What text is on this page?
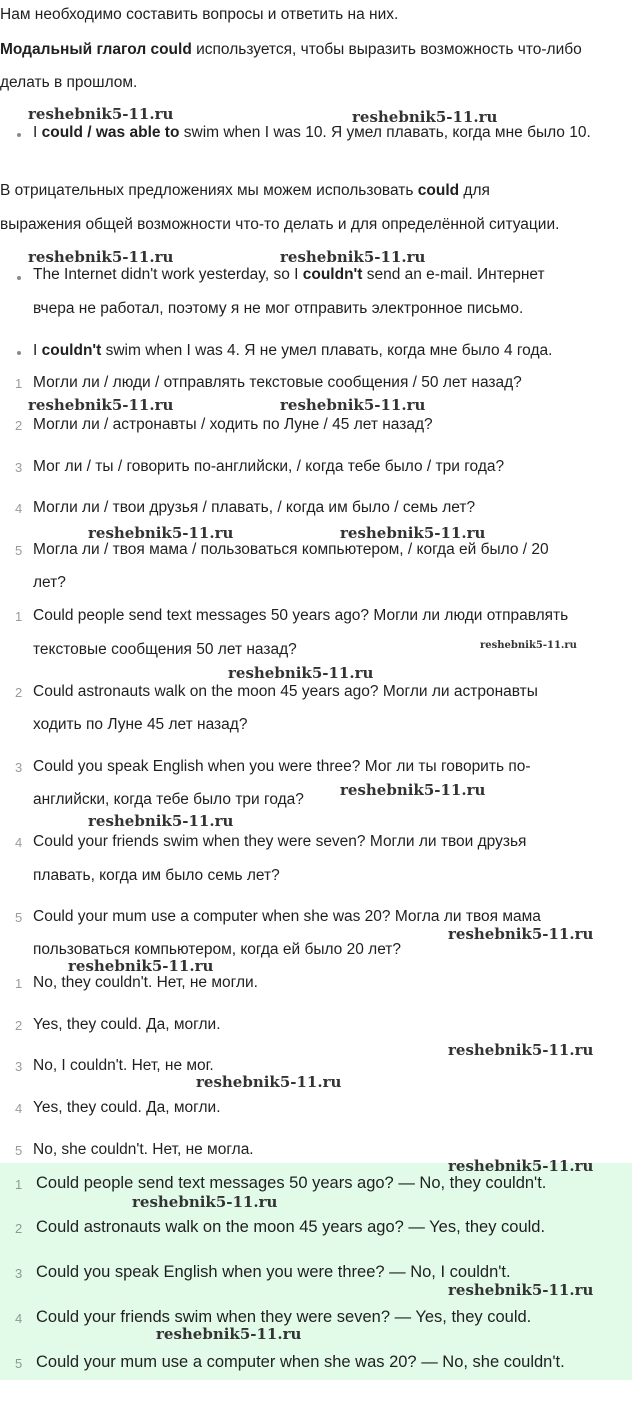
Нам необходимо составить вопросы и ответить на них.
Модальный глагол could используется, чтобы выразить возможность что-либо
делать в прошлом.
I could / was able to swim when I was 10. Я умел плавать, когда мне было 10.
В отрицательных предложениях мы можем использовать could для
выражения общей возможности что-то делать и для определённой ситуации.
The Internet didn't work yesterday, so I couldn't send an e-mail. Интернет
вчера не работал, поэтому я не мог отправить электронное письмо.
I couldn't swim when I was 4. Я не умел плавать, когда мне было 4 года.
1 Могли ли / люди / отправлять текстовые сообщения / 50 лет назад?
2 Могли ли / астронавты / ходить по Луне / 45 лет назад?
3 Мог ли / ты / говорить по-английски, / когда тебе было / три года?
4 Могли ли / твои друзья / плавать, / когда им было / семь лет?
5 Могла ли / твоя мама / пользоваться компьютером, / когда ей было / 20
лет?
1 Could people send text messages 50 years ago? Могли ли люди отправлять
текстовые сообщения 50 лет назад?
2 Could astronauts walk on the moon 45 years ago? Могли ли астронавты
ходить по Луне 45 лет назад?
3 Could you speak English when you were three? Мог ли ты говорить по-
английски, когда тебе было три года?
4 Could your friends swim when they were seven? Могли ли твои друзья
плавать, когда им было семь лет?
5 Could your mum use a computer when she was 20? Могла ли твоя мама
пользоваться компьютером, когда ей было 20 лет?
1 No, they couldn't. Нет, не могли.
2 Yes, they could. Да, могли.
3 No, I couldn't. Нет, не мог.
4 Yes, they could. Да, могли.
5 No, she couldn't. Нет, не могла.
1 Could people send text messages 50 years ago? — No, they couldn't.
2 Could astronauts walk on the moon 45 years ago? — Yes, they could.
3 Could you speak English when you were three? — No, I couldn't.
4 Could your friends swim when they were seven? — Yes, they could.
5 Could your mum use a computer when she was 20? — No, she couldn't.
reshebnik5-11.ru	reshebnik5-11.ru
reshebnik5-11.ru	reshebnik5-11.ru
reshebnik5-11.ru	reshebnik5-11.ru
reshebnik5-11.ru	reshebnik5-11.ru
reshebnik5-11.ru
reshebnik5-11.ru
reshebnik5-11.ru
reshebnik5-11.ru
reshebnik5-11.ru
reshebnik5-11.ru
reshebnik5-11.ru
reshebnik5-11.ru
reshebnik5-11.ru
reshebnik5-11.ru
reshebnik5-11.ru
reshebnik5-11.ru
